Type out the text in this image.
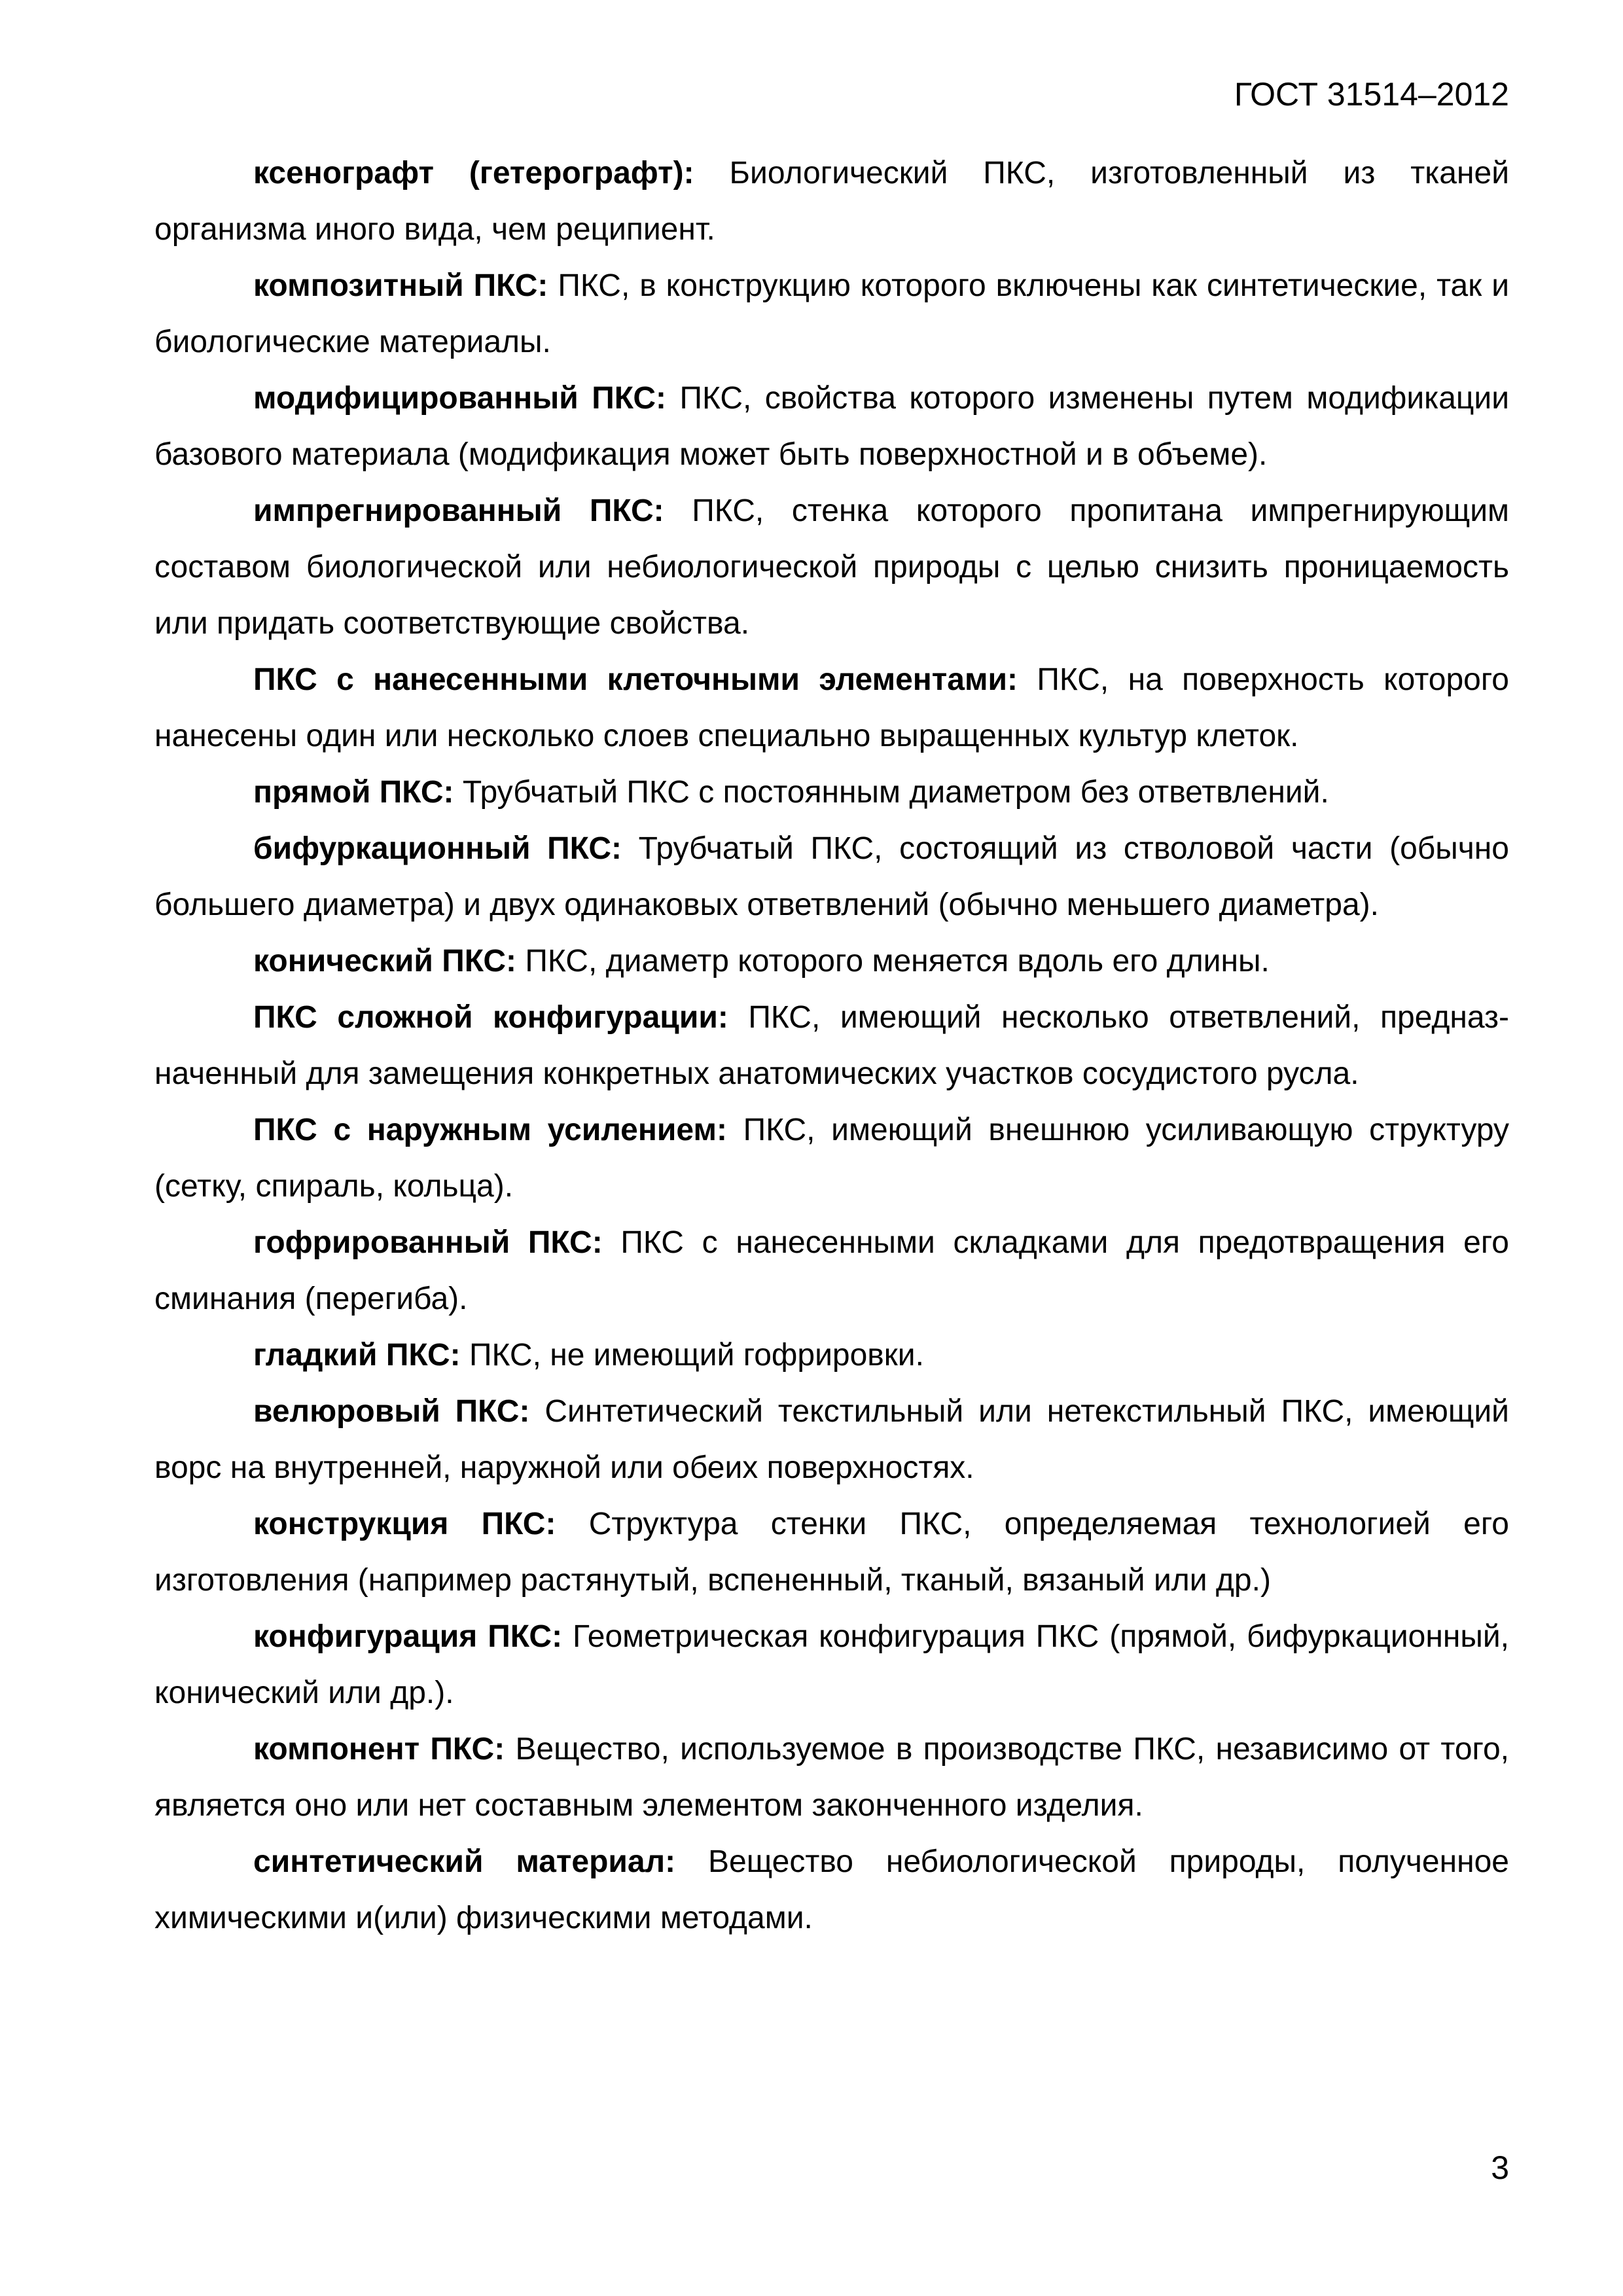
ГОСТ 31514–2012

ксенографт (гетерографт): Биологический ПКС, изготовленный из тканей организма иного вида, чем реципиент.

композитный ПКС: ПКС, в конструкцию которого включены как синтетические, так и биологические материалы.

модифицированный ПКС: ПКС, свойства которого изменены путем модификации базового материала (модификация может быть поверхностной и в объеме).

импрегнированный ПКС: ПКС, стенка которого пропитана импрегнирующим составом биологической или небиологической природы с целью снизить проницаемость или придать соответствующие свойства.

ПКС с нанесенными клеточными элементами: ПКС, на поверхность которого нанесены один или несколько слоев специально выращенных культур клеток.

прямой ПКС: Трубчатый ПКС с постоянным диаметром без ответвлений.

бифуркационный ПКС: Трубчатый ПКС, состоящий из стволовой части (обычно большего диаметра) и двух одинаковых ответвлений (обычно меньшего диаметра).

конический ПКС: ПКС, диаметр которого меняется вдоль его длины.

ПКС сложной конфигурации: ПКС, имеющий несколько ответвлений, предназ-наченный для замещения конкретных анатомических участков сосудистого русла.

ПКС с наружным усилением: ПКС, имеющий внешнюю усиливающую структуру (сетку, спираль, кольца).

гофрированный ПКС: ПКС с нанесенными складками для предотвращения его сминания (перегиба).

гладкий ПКС: ПКС, не имеющий гофрировки.

велюровый ПКС: Синтетический текстильный или нетекстильный ПКС, имеющий ворс на внутренней, наружной или обеих поверхностях.

конструкция ПКС: Структура стенки ПКС, определяемая технологией его изготовления (например растянутый, вспененный, тканый, вязаный или др.)

конфигурация ПКС: Геометрическая конфигурация ПКС (прямой, бифуркационный, конический или др.).

компонент ПКС: Вещество, используемое в производстве ПКС, независимо от того, является оно или нет составным элементом законченного изделия.

синтетический материал: Вещество небиологической природы, полученное химическими и(или) физическими методами.

3
